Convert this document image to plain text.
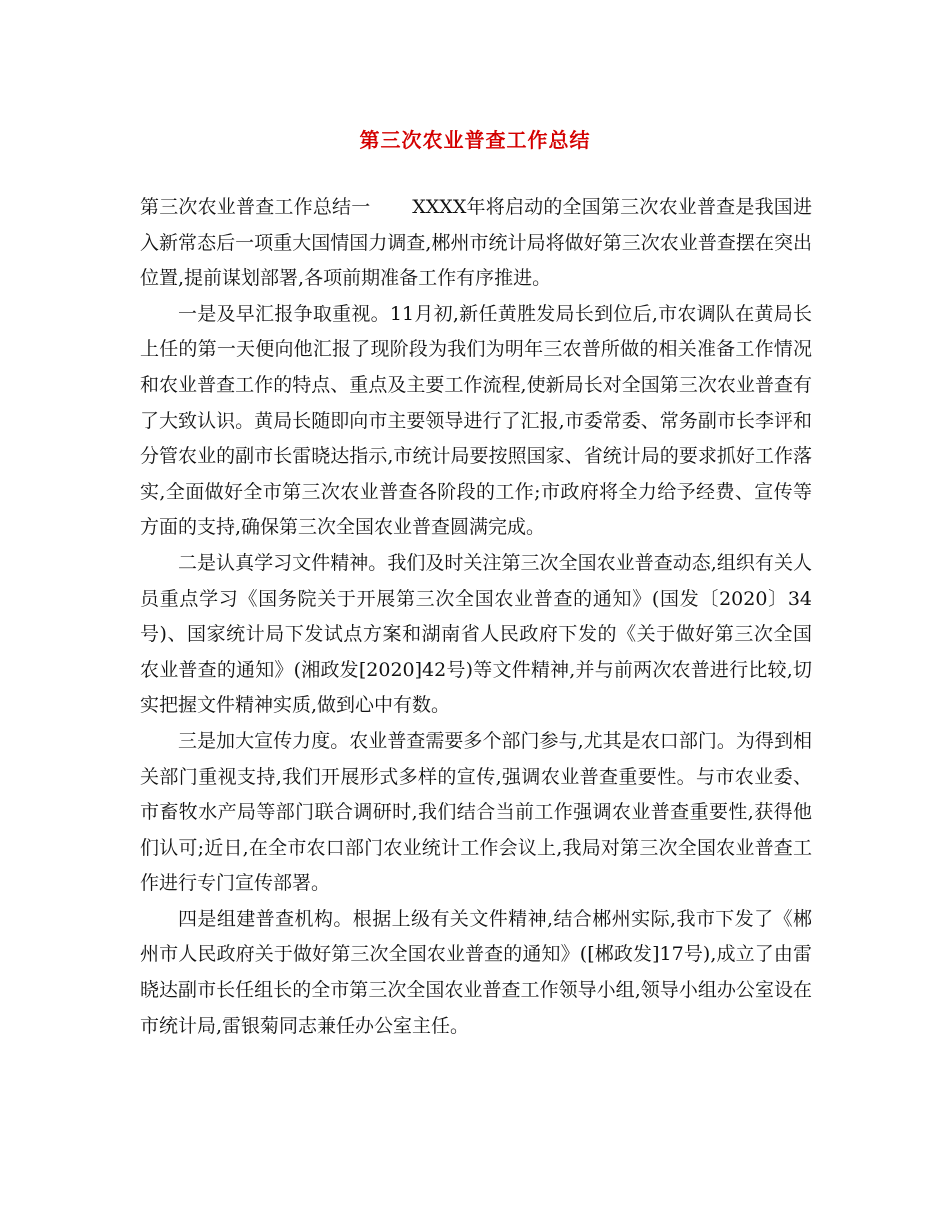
第三次农业普查工作总结

第三次农业普查工作总结一 XXXX年将启动的全国第三次农业普查是我国进入新常态后一项重大国情国力调查,郴州市统计局将做好第三次农业普查摆在突出位置,提前谋划部署,各项前期准备工作有序推进。

一是及早汇报争取重视。11月初,新任黄胜发局长到位后,市农调队在黄局长上任的第一天便向他汇报了现阶段为我们为明年三农普所做的相关准备工作情况和农业普查工作的特点、重点及主要工作流程,使新局长对全国第三次农业普查有了大致认识。黄局长随即向市主要领导进行了汇报,市委常委、常务副市长李评和分管农业的副市长雷晓达指示,市统计局要按照国家、省统计局的要求抓好工作落实,全面做好全市第三次农业普查各阶段的工作;市政府将全力给予经费、宣传等方面的支持,确保第三次全国农业普查圆满完成。

二是认真学习文件精神。我们及时关注第三次全国农业普查动态,组织有关人员重点学习《国务院关于开展第三次全国农业普查的通知》(国发〔2020〕34号)、国家统计局下发试点方案和湖南省人民政府下发的《关于做好第三次全国农业普查的通知》(湘政发[2020]42号)等文件精神,并与前两次农普进行比较,切实把握文件精神实质,做到心中有数。

三是加大宣传力度。农业普查需要多个部门参与,尤其是农口部门。为得到相关部门重视支持,我们开展形式多样的宣传,强调农业普查重要性。与市农业委、市畜牧水产局等部门联合调研时,我们结合当前工作强调农业普查重要性,获得他们认可;近日,在全市农口部门农业统计工作会议上,我局对第三次全国农业普查工作进行专门宣传部署。

四是组建普查机构。根据上级有关文件精神,结合郴州实际,我市下发了《郴州市人民政府关于做好第三次全国农业普查的通知》([郴政发]17号),成立了由雷晓达副市长任组长的全市第三次全国农业普查工作领导小组,领导小组办公室设在市统计局,雷银菊同志兼任办公室主任。
